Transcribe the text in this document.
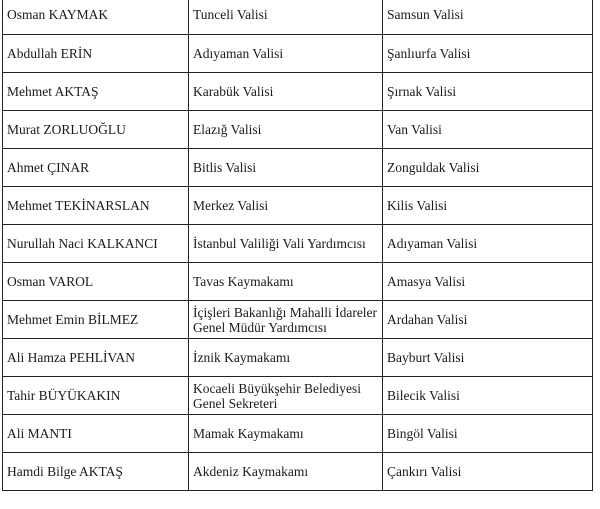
Osman KAYMAK	Tunceli Valisi	Samsun Valisi
Abdullah ERİN	Adıyaman Valisi	Şanlıurfa Valisi
Mehmet AKTAŞ	Karabük Valisi	Şırnak Valisi
Murat ZORLUOĞLU	Elazığ Valisi	Van Valisi
Ahmet ÇINAR	Bitlis Valisi	Zonguldak Valisi
Mehmet TEKİNARSLAN	Merkez Valisi	Kilis Valisi
Nurullah Naci KALKANCI	İstanbul Valiliği Vali Yardımcısı	Adıyaman Valisi
Osman VAROL	Tavas Kaymakamı	Amasya Valisi
Mehmet Emin BİLMEZ	İçişleri Bakanlığı Mahalli İdareler Genel Müdür Yardımcısı	Ardahan Valisi
Ali Hamza PEHLİVAN	İznik Kaymakamı	Bayburt Valisi
Tahir BÜYÜKAKIN	Kocaeli Büyükşehir Belediyesi Genel Sekreteri	Bilecik Valisi
Ali MANTI	Mamak Kaymakamı	Bingöl Valisi
Hamdi Bilge AKTAŞ	Akdeniz Kaymakamı	Çankırı Valisi
